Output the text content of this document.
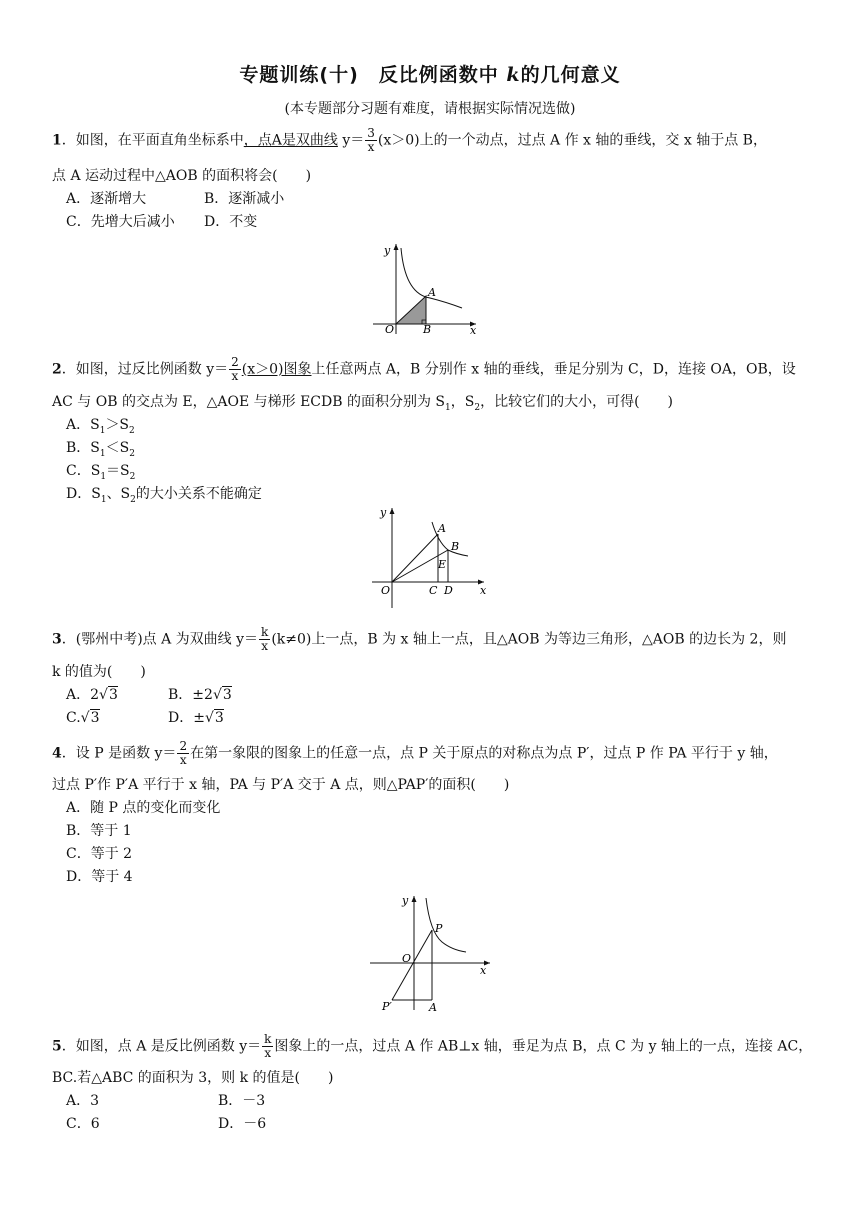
专题训练(十)　反比例函数中 k的几何意义
(本专题部分习题有难度，请根据实际情况选做)
1．如图，在平面直角坐标系中，点A是双曲线 $y= \frac{3}{x} (x>0)$上的一个动点，过点 A 作 x 轴的垂线，交 x 轴于点 B，
点 A 运动过程中△AOB 的面积将会(　　)
A．逐渐增大	B．逐渐减小
C．先增大后减小 D．不变
y
x
O
A
B
2．如图，过反比例函数 $y= \frac{2}{x} (x>0)$图象上任意两点 A，B 分别作 x 轴的垂线，垂足分别为 C，D，连接 OA，OB，设
AC 与 OB 的交点为 E，△AOE 与梯形 ECDB 的面积分别为 $S_1$，$S_2$，比较它们的大小，可得(　　)
A．$S_1>S_2$
B．$S_1<S_2$
C．$S_1=S_2$
D．$S_1$、$S_2$的大小关系不能确定
y
x
O
A
B
C D
E
3．(鄂州中考)点 A 为双曲线 $y= \frac{k}{x} (k\ne 0)$上一点，B 为 x 轴上一点，且△AOB 为等边三角形，△AOB 的边长为 2，则
k 的值为(　　)
A．2√3	B．±2√3
C.√3	D．±√3
4．设 P 是函数 $y= \frac{2}{x}$ 在第一象限的图象上的任意一点，点 P 关于原点的对称点为点 P′，过点 P 作 PA 平行于 y 轴，
过点 P′作 P′A 平行于 x 轴，PA 与 P′A 交于 A 点，则△PAP′的面积(　　)
A．随 P 点的变化而变化
B．等于 1
C．等于 2
D．等于 4
y
x
O
P
P′	A
5．如图，点 A 是反比例函数 $y= \frac{k}{x}$ 图象上的一点，过点 A 作 AB⊥x 轴，垂足为点 B，点 C 为 y 轴上的一点，连接 AC，
BC.若△ABC 的面积为 3，则 k 的值是(　　)
A．3	B．－3
C．6	D．－6
